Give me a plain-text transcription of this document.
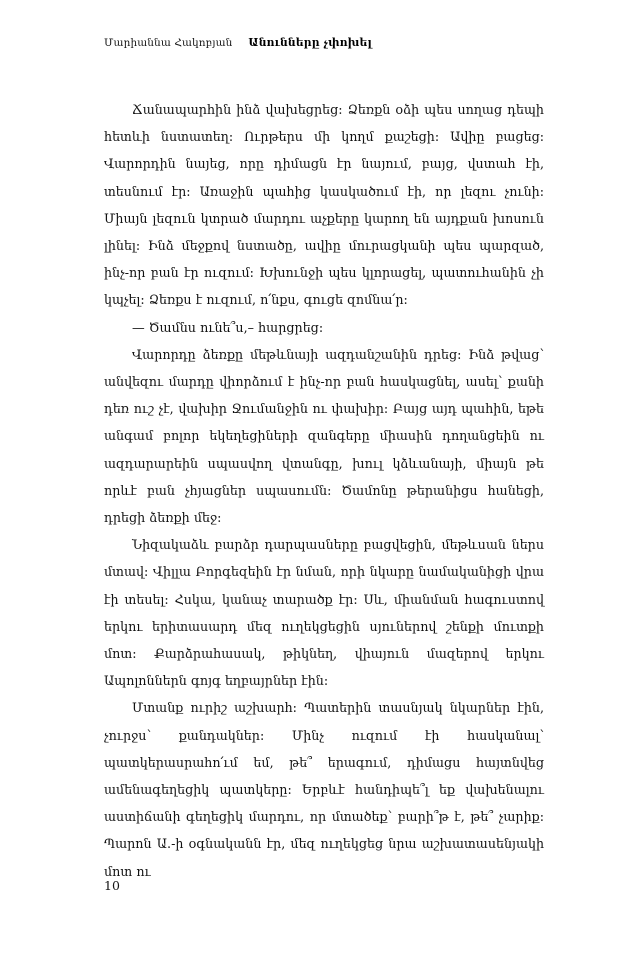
Մարիաննա Հակոբյան Անունները չփոխել

Ճանապարհին ինձ վախեցրեց: Ձեռքն օձի պես սողաց դեպի հետևի նստատեղ: Ուրթերս մի կողմ քաշեցի: Ավիը բացեց: Վարորդին նայեց, որը դիմացն էր նայում, բայց, վստահ էի, տեսնում էր: Առաջին պահից կասկածում էի, որ լեզու չունի: Միայն լեզուն կտրած մարդու աչքերը կարող են այդքան խոսուն լինել: Ինձ մեջքով նստածը, ավիը մուրացկանի պես պարզած, ինչ-որ բան էր ուզում: Խխունջի պես կլորացել, պատուհանին չի կպչել: Ձեռքս է ուզում, ո՛նքս, գուցե զոմնա՛ր:

— Ծամնս ունե՞ս,– հարցրեց:

Վարորդը ձեռքը մեթևնայի ազդանշանին դրեց: Ինձ թվաց՝ անվեզու մարդը վիորձում է ինչ-որ բան հասկացնել, ասել՝ քանի դեռ ուշ չէ, վախիր Ջումանջին ու փախիր: Բայց այդ պահին, եթե անգամ բոլոր եկեղեցիների զանգերը միասին դողանցեին ու ազդարարեին սպասվող վտանգը, խուլ կձևանայի, միայն թե որևէ բան չհյացներ սպասումն: Ծամոնը թերանիցս հանեցի, դրեցի ձեռքի մեջ:

Նիզակաձև բարձր դարպասները բացվեցին, մեթևսան ներս մտավ: Վիլլա Բորգեզեին էր նման, որի նկարը նամականիցի վրա էի տեսել: Հսկա, կանաչ տարածք էր: Սև, միանման հագուստով երկու երիտասարդ մեզ ուղեկցեցին սյուներով շենքի մուտքի մոտ: Քարձրահասակ, թիկնեղ, վիայուն մազերով երկու Ապոլոններն գոյգ եղբայրներ էին:

Մտանք ուրիշ աշխարհ: Պատերին տասնյակ նկարներ էին, չուրջս՝ քանդակներ: Մինչ ուզում էի հասկանալ՝ պատկերասրահո՛ւմ եմ, թե՞ երագում, դիմացս հայտնվեց ամենագեղեցիկ պատկերը: Երբևէ հանդիպե՞լ եք վախենալու աստիճանի գեղեցիկ մարդու, որ մտածեք՝ բարի՞թ է, թե՞ չարիք: Պարոն Ա.-ի օգնականն էր, մեզ ուղեկցեց նրա աշխատասենյակի մոտ ու

10
